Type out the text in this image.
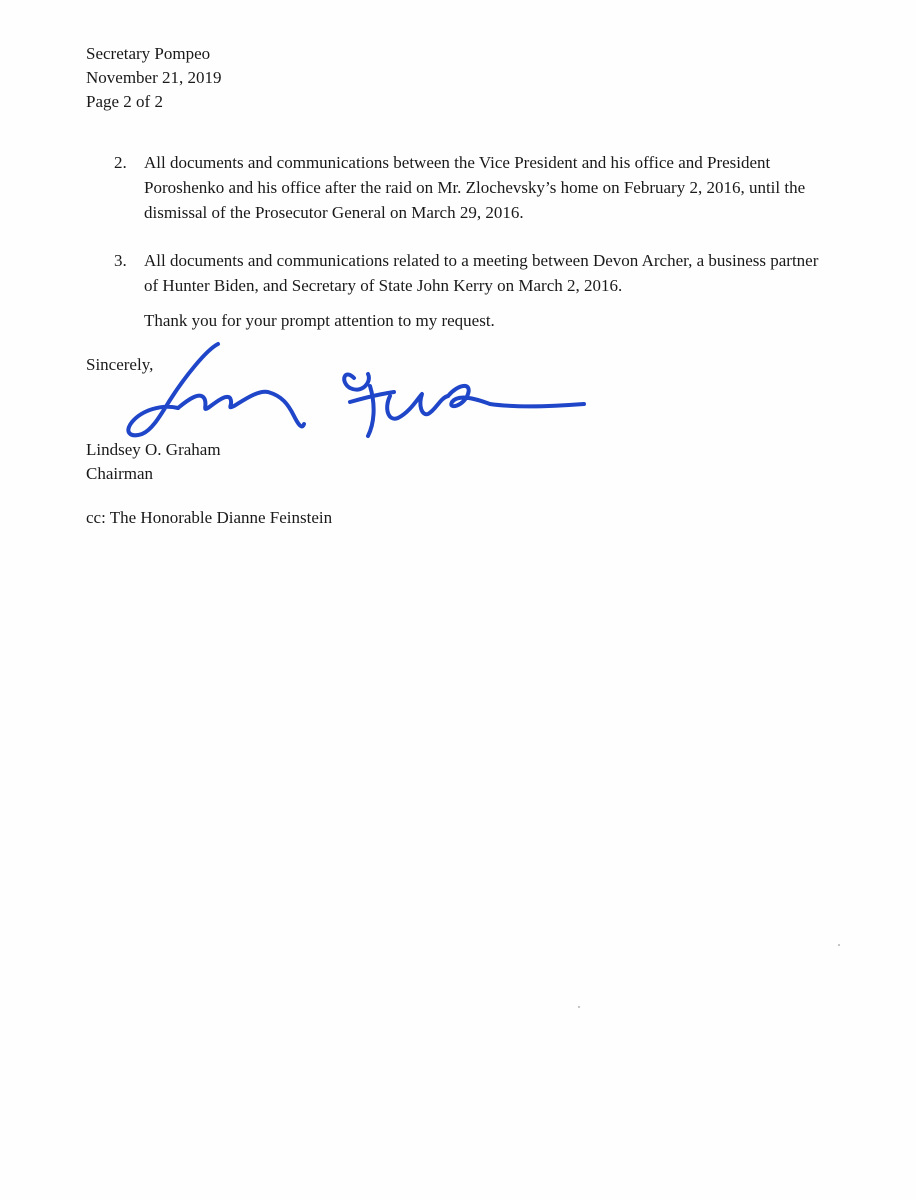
Secretary Pompeo
November 21, 2019
Page 2 of 2
2.	All documents and communications between the Vice President and his office and President Poroshenko and his office after the raid on Mr. Zlochevsky’s home on February 2, 2016, until the dismissal of the Prosecutor General on March 29, 2016.
3.	All documents and communications related to a meeting between Devon Archer, a business partner of Hunter Biden, and Secretary of State John Kerry on March 2, 2016.
Thank you for your prompt attention to my request.
Sincerely,
Lindsey O. Graham
Chairman
cc: The Honorable Dianne Feinstein
